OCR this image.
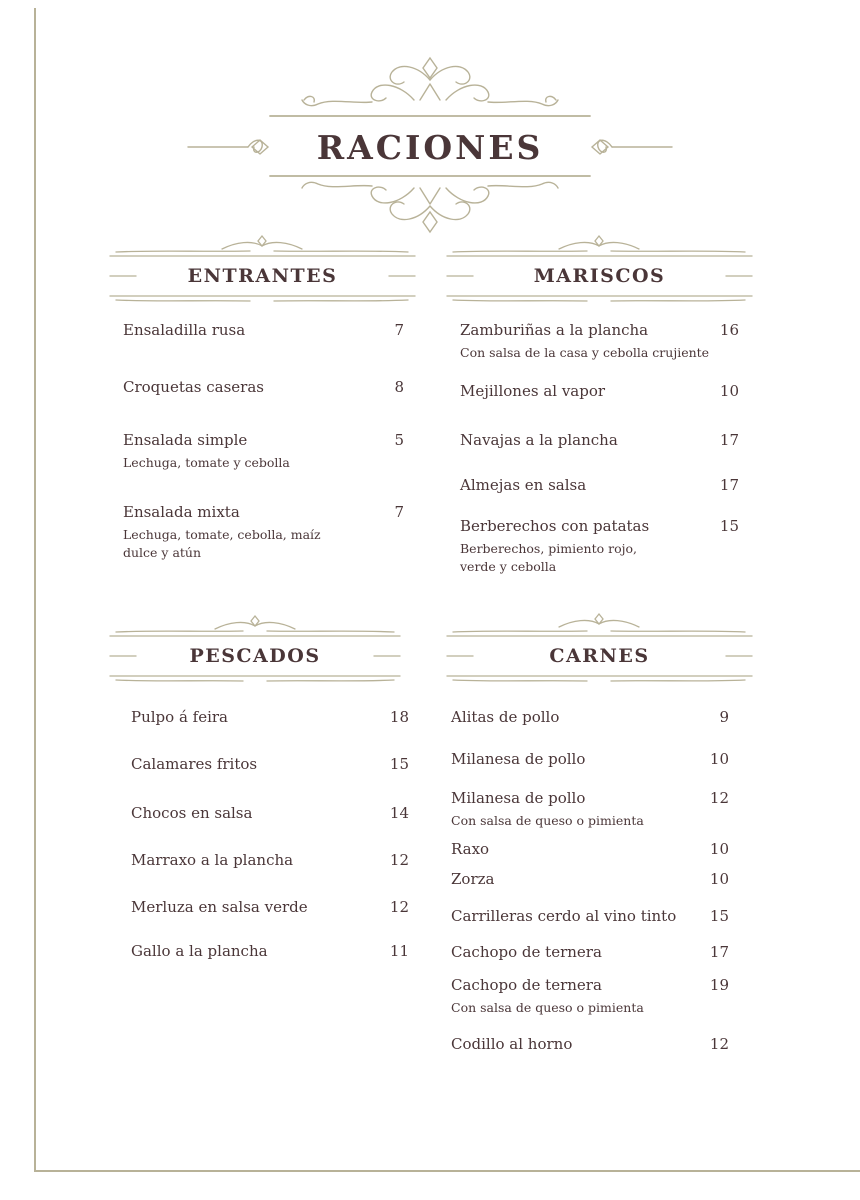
RACIONES
ENTRANTES	MARISCOS
PESCADOS	CARNES
Ensaladilla rusa	7
Croquetas caseras	8
Ensalada simple	5
Lechuga, tomate y cebolla
Ensalada mixta	7
Lechuga, tomate, cebolla, maíz dulce y atún
Zamburiñas a la plancha	16
Con salsa de la casa y cebolla crujiente
Mejillones al vapor	10
Navajas a la plancha	17
Almejas en salsa	17
Berberechos con patatas	15
Berberechos, pimiento rojo, verde y cebolla
Pulpo á feira	18
Calamares fritos	15
Chocos en salsa	14
Marraxo a la plancha	12
Merluza en salsa verde	12
Gallo a la plancha	11
Alitas de pollo	9
Milanesa de pollo	10
Milanesa de pollo	12
Con salsa de queso o pimienta
Raxo	10
Zorza	10
Carrilleras cerdo al vino tinto	15
Cachopo de ternera	17
Cachopo de ternera	19
Con salsa de queso o pimienta
Codillo al horno	12
